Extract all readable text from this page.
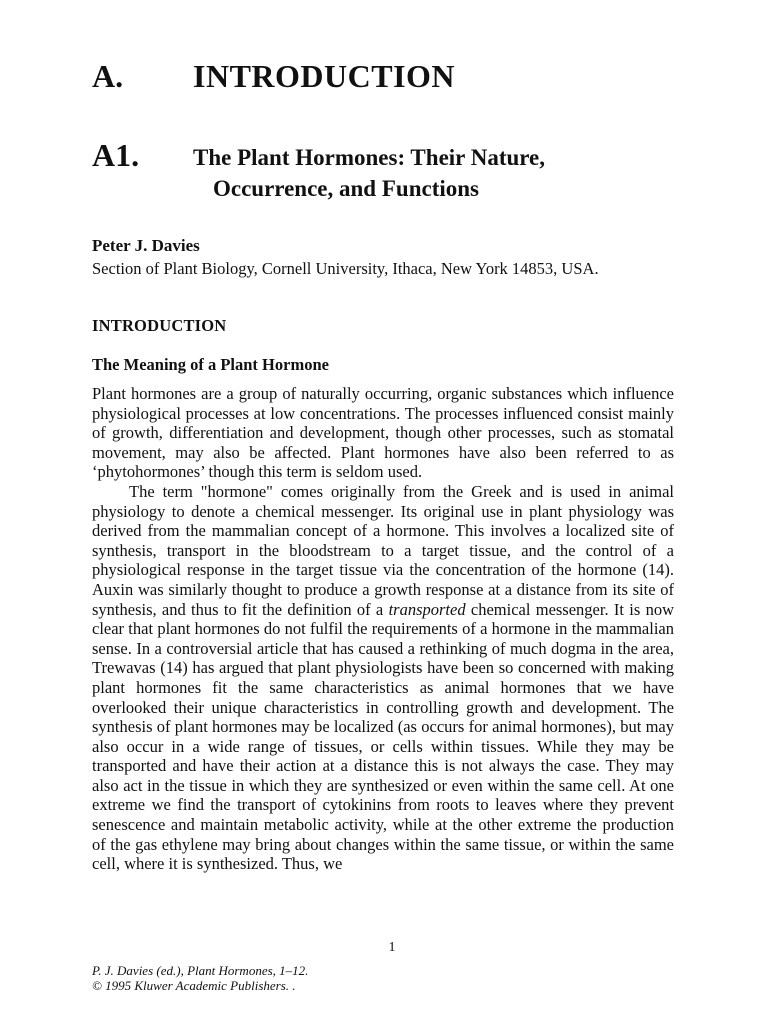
A. INTRODUCTION
A1. The Plant Hormones: Their Nature,
Occurrence, and Functions
Peter J. Davies
Section of Plant Biology, Cornell University, Ithaca, New York 14853, USA.
INTRODUCTION
The Meaning of a Plant Hormone

Plant hormones are a group of naturally occurring, organic substances which influence physiological processes at low concentrations. The processes influenced consist mainly of growth, differentiation and development, though other processes, such as stomatal movement, may also be affected. Plant hormones have also been referred to as ‘phytohormones’ though this term is seldom used.

The term "hormone" comes originally from the Greek and is used in animal physiology to denote a chemical messenger. Its original use in plant physiology was derived from the mammalian concept of a hormone. This involves a localized site of synthesis, transport in the bloodstream to a target tissue, and the control of a physiological response in the target tissue via the concentration of the hormone (14). Auxin was similarly thought to produce a growth response at a distance from its site of synthesis, and thus to fit the definition of a transported chemical messenger. It is now clear that plant hormones do not fulfil the requirements of a hormone in the mammalian sense. In a controversial article that has caused a rethinking of much dogma in the area, Trewavas (14) has argued that plant physiologists have been so concerned with making plant hormones fit the same characteristics as animal hormones that we have overlooked their unique characteristics in controlling growth and development. The synthesis of plant hormones may be localized (as occurs for animal hormones), but may also occur in a wide range of tissues, or cells within tissues. While they may be transported and have their action at a distance this is not always the case. They may also act in the tissue in which they are synthesized or even within the same cell. At one extreme we find the transport of cytokinins from roots to leaves where they prevent senescence and maintain metabolic activity, while at the other extreme the production of the gas ethylene may bring about changes within the same tissue, or within the same cell, where it is synthesized. Thus, we

1
P. J. Davies (ed.), Plant Hormones, 1–12.
© 1995 Kluwer Academic Publishers. .
